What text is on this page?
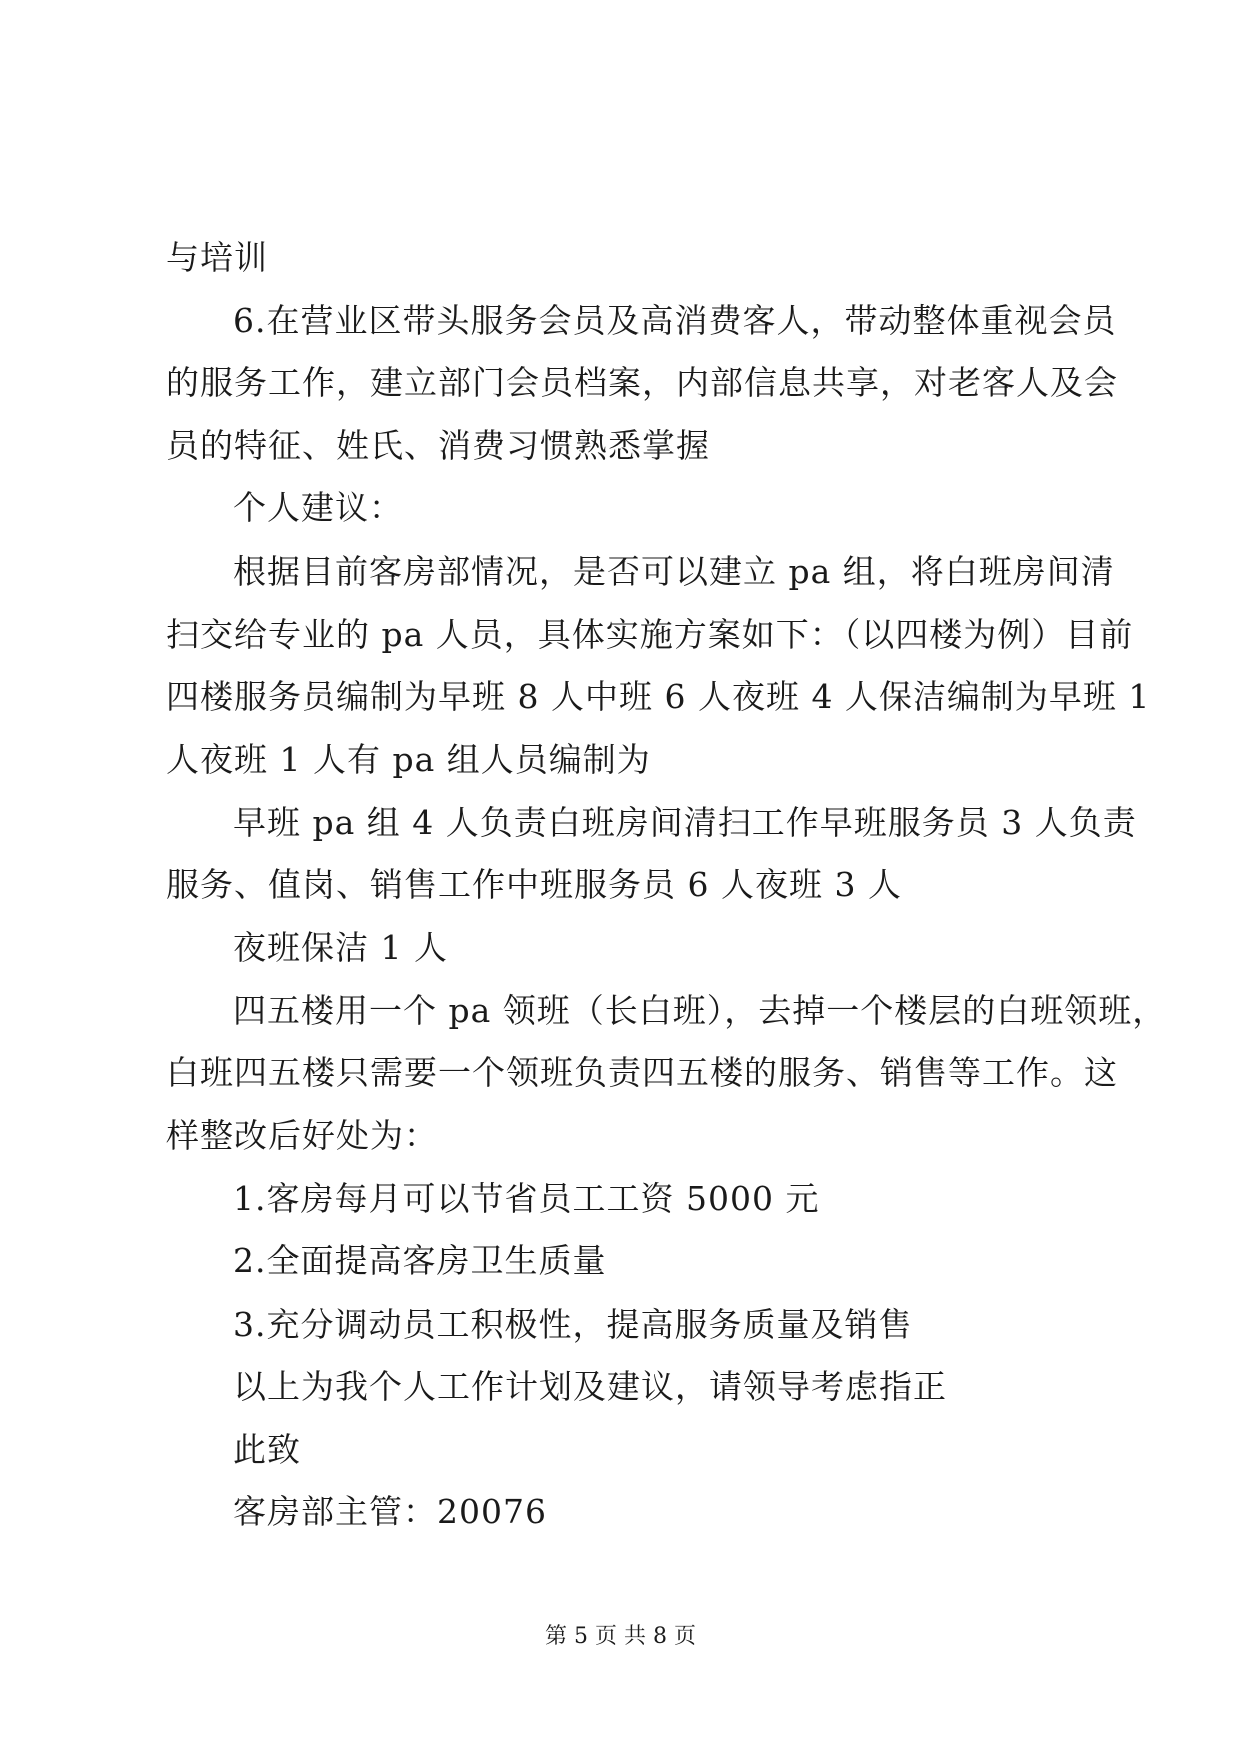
与培训
6.在营业区带头服务会员及高消费客人，带动整体重视会员
的服务工作，建立部门会员档案，内部信息共享，对老客人及会
员的特征、姓氏、消费习惯熟悉掌握
个人建议：
根据目前客房部情况，是否可以建立 pa 组，将白班房间清
扫交给专业的 pa 人员，具体实施方案如下：（以四楼为例）目前
四楼服务员编制为早班 8 人中班 6 人夜班 4 人保洁编制为早班 1
人夜班 1 人有 pa 组人员编制为
早班 pa 组 4 人负责白班房间清扫工作早班服务员 3 人负责
服务、值岗、销售工作中班服务员 6 人夜班 3 人
夜班保洁 1 人
四五楼用一个 pa 领班（长白班），去掉一个楼层的白班领班，
白班四五楼只需要一个领班负责四五楼的服务、销售等工作。这
样整改后好处为：
1.客房每月可以节省员工工资 5000 元
2.全面提高客房卫生质量
3.充分调动员工积极性，提高服务质量及销售
以上为我个人工作计划及建议，请领导考虑指正
此致
客房部主管：20076
第 5 页 共 8 页
